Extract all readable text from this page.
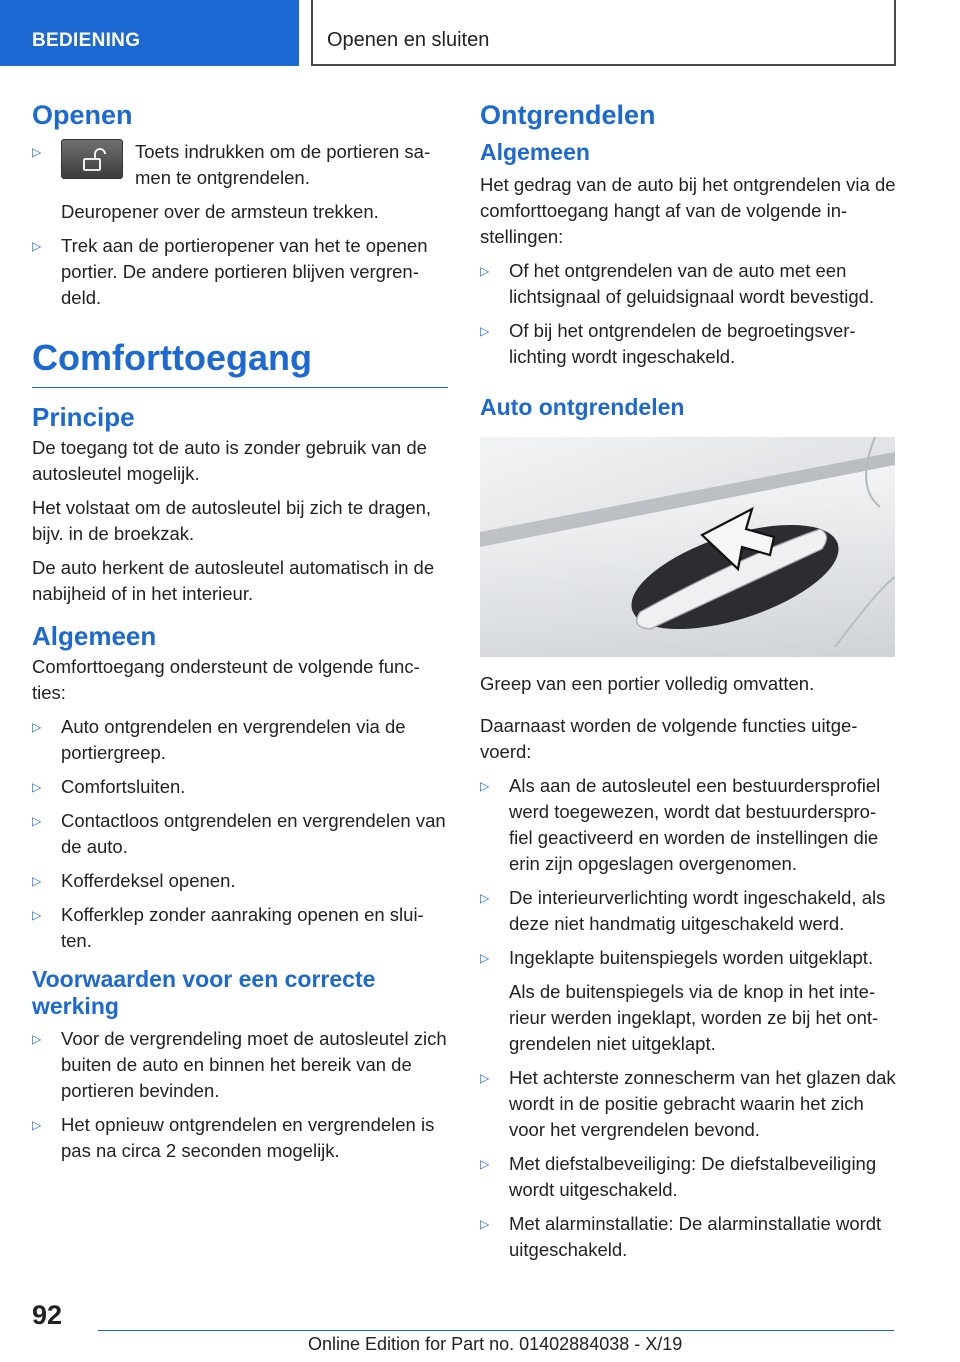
BEDIENING	Openen en sluiten
Openen
▷	Toets indrukken om de portieren sa-men te ontgrendelen.
Deuropener over de armsteun trekken.
▷ Trek aan de portieropener van het te openen portier. De andere portieren blijven vergren-deld.
Comforttoegang
Principe

De toegang tot de auto is zonder gebruik van de autosleutel mogelijk.

Het volstaat om de autosleutel bij zich te dragen, bijv. in de broekzak.

De auto herkent de autosleutel automatisch in de nabijheid of in het interieur.

Algemeen

Comforttoegang ondersteunt de volgende func-ties:

▷ Auto ontgrendelen en vergrendelen via de portiergreep.
▷ Comfortsluiten.
▷ Contactloos ontgrendelen en vergrendelen van de auto.
▷ Kofferdeksel openen.
▷ Kofferklep zonder aanraking openen en slui-ten.
Voorwaarden voor een correcte werking
▷ Voor de vergrendeling moet de autosleutel zich buiten de auto en binnen het bereik van de portieren bevinden.
▷ Het opnieuw ontgrendelen en vergrendelen is pas na circa 2 seconden mogelijk.
Ontgrendelen
Algemeen

Het gedrag van de auto bij het ontgrendelen via de comforttoegang hangt af van de volgende in-stellingen:

▷ Of het ontgrendelen van de auto met een lichtsignaal of geluidsignaal wordt bevestigd.
▷ Of bij het ontgrendelen de begroetingsver-lichting wordt ingeschakeld.
Auto ontgrendelen

Greep van een portier volledig omvatten.

Daarnaast worden de volgende functies uitge-voerd:

▷ Als aan de autosleutel een bestuurdersprofiel werd toegewezen, wordt dat bestuurderspro-fiel geactiveerd en worden de instellingen die erin zijn opgeslagen overgenomen.
▷ De interieurverlichting wordt ingeschakeld, als deze niet handmatig uitgeschakeld werd.
▷ Ingeklapte buitenspiegels worden uitgeklapt.
Als de buitenspiegels via de knop in het inte-rieur werden ingeklapt, worden ze bij het ont-grendelen niet uitgeklapt.
▷ Het achterste zonnescherm van het glazen dak wordt in de positie gebracht waarin het zich voor het vergrendelen bevond.
▷ Met diefstalbeveiliging: De diefstalbeveiliging wordt uitgeschakeld.
▷ Met alarminstallatie: De alarminstallatie wordt uitgeschakeld.
92
Online Edition for Part no. 01402884038 - X/19
